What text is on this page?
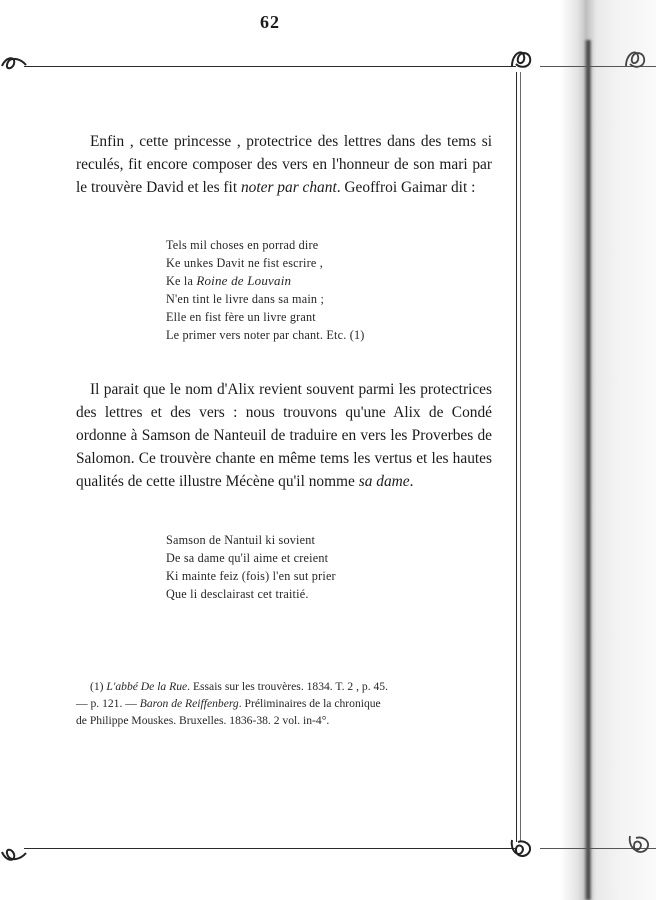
62

Enfin , cette princesse , protectrice des lettres dans des tems si reculés, fit encore composer des vers en l'honneur de son mari par le trouvère David et les fit noter par chant. Geoffroi Gaimar dit :

Tels mil choses en porrad dire
Ke unkes Davit ne fist escrire ,
Ke la Roine de Louvain
N'en tint le livre dans sa main ;
Elle en fist fère un livre grant
Le primer vers noter par chant. Etc. (1)

Il parait que le nom d'Alix revient souvent parmi les protectrices des lettres et des vers : nous trouvons qu'une Alix de Condé ordonne à Samson de Nanteuil de traduire en vers les Proverbes de Salomon. Ce trouvère chante en même tems les vertus et les hautes qualités de cette illustre Mécène qu'il nomme sa dame.

Samson de Nantuil ki sovient
De sa dame qu'il aime et creient
Ki mainte feiz (fois) l'en sut prier
Que li desclairast cet traitié.
(1) L'abbé De la Rue. Essais sur les trouvères. 1834. T. 2 , p. 45.
— p. 121. — Baron de Reiffenberg. Préliminaires de la chronique
de Philippe Mouskes. Bruxelles. 1836-38. 2 vol. in-4°.
